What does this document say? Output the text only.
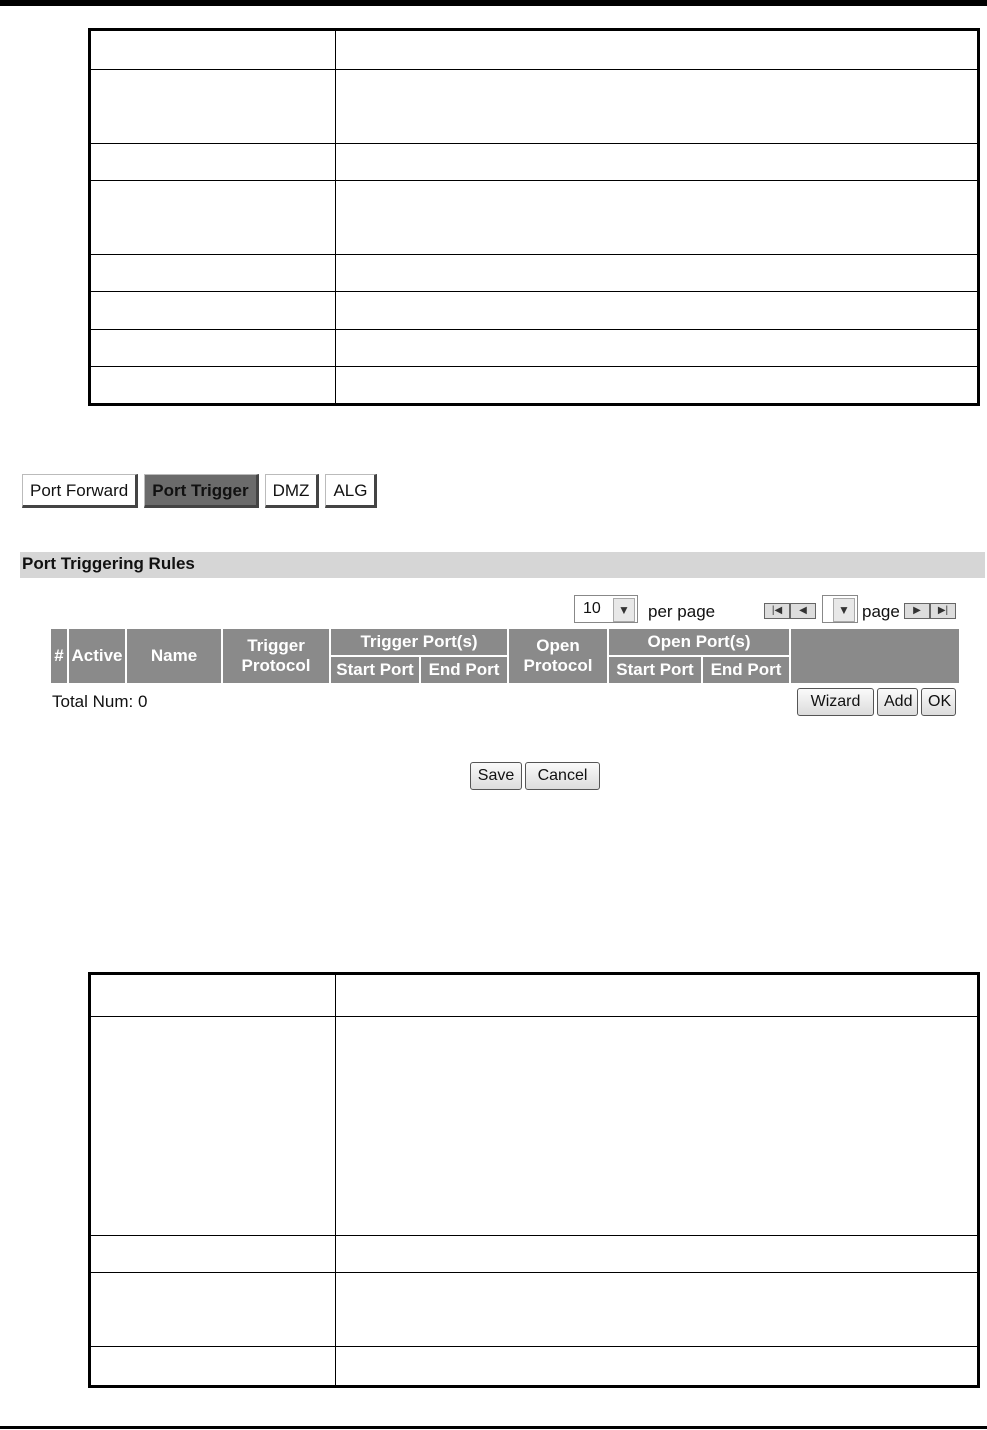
Port Forward	Port Trigger	DMZ	ALG
Port Triggering Rules
10	▼ per page	|◀	◀	▼ page	▶	▶|
#	Active	Name	Trigger Protocol	Trigger Port(s)		Open Protocol	Open Port(s)		
				Start Port	End Port		Start Port	End Port	
Total Num: 0	Wizard	Add OK
Save	Cancel
